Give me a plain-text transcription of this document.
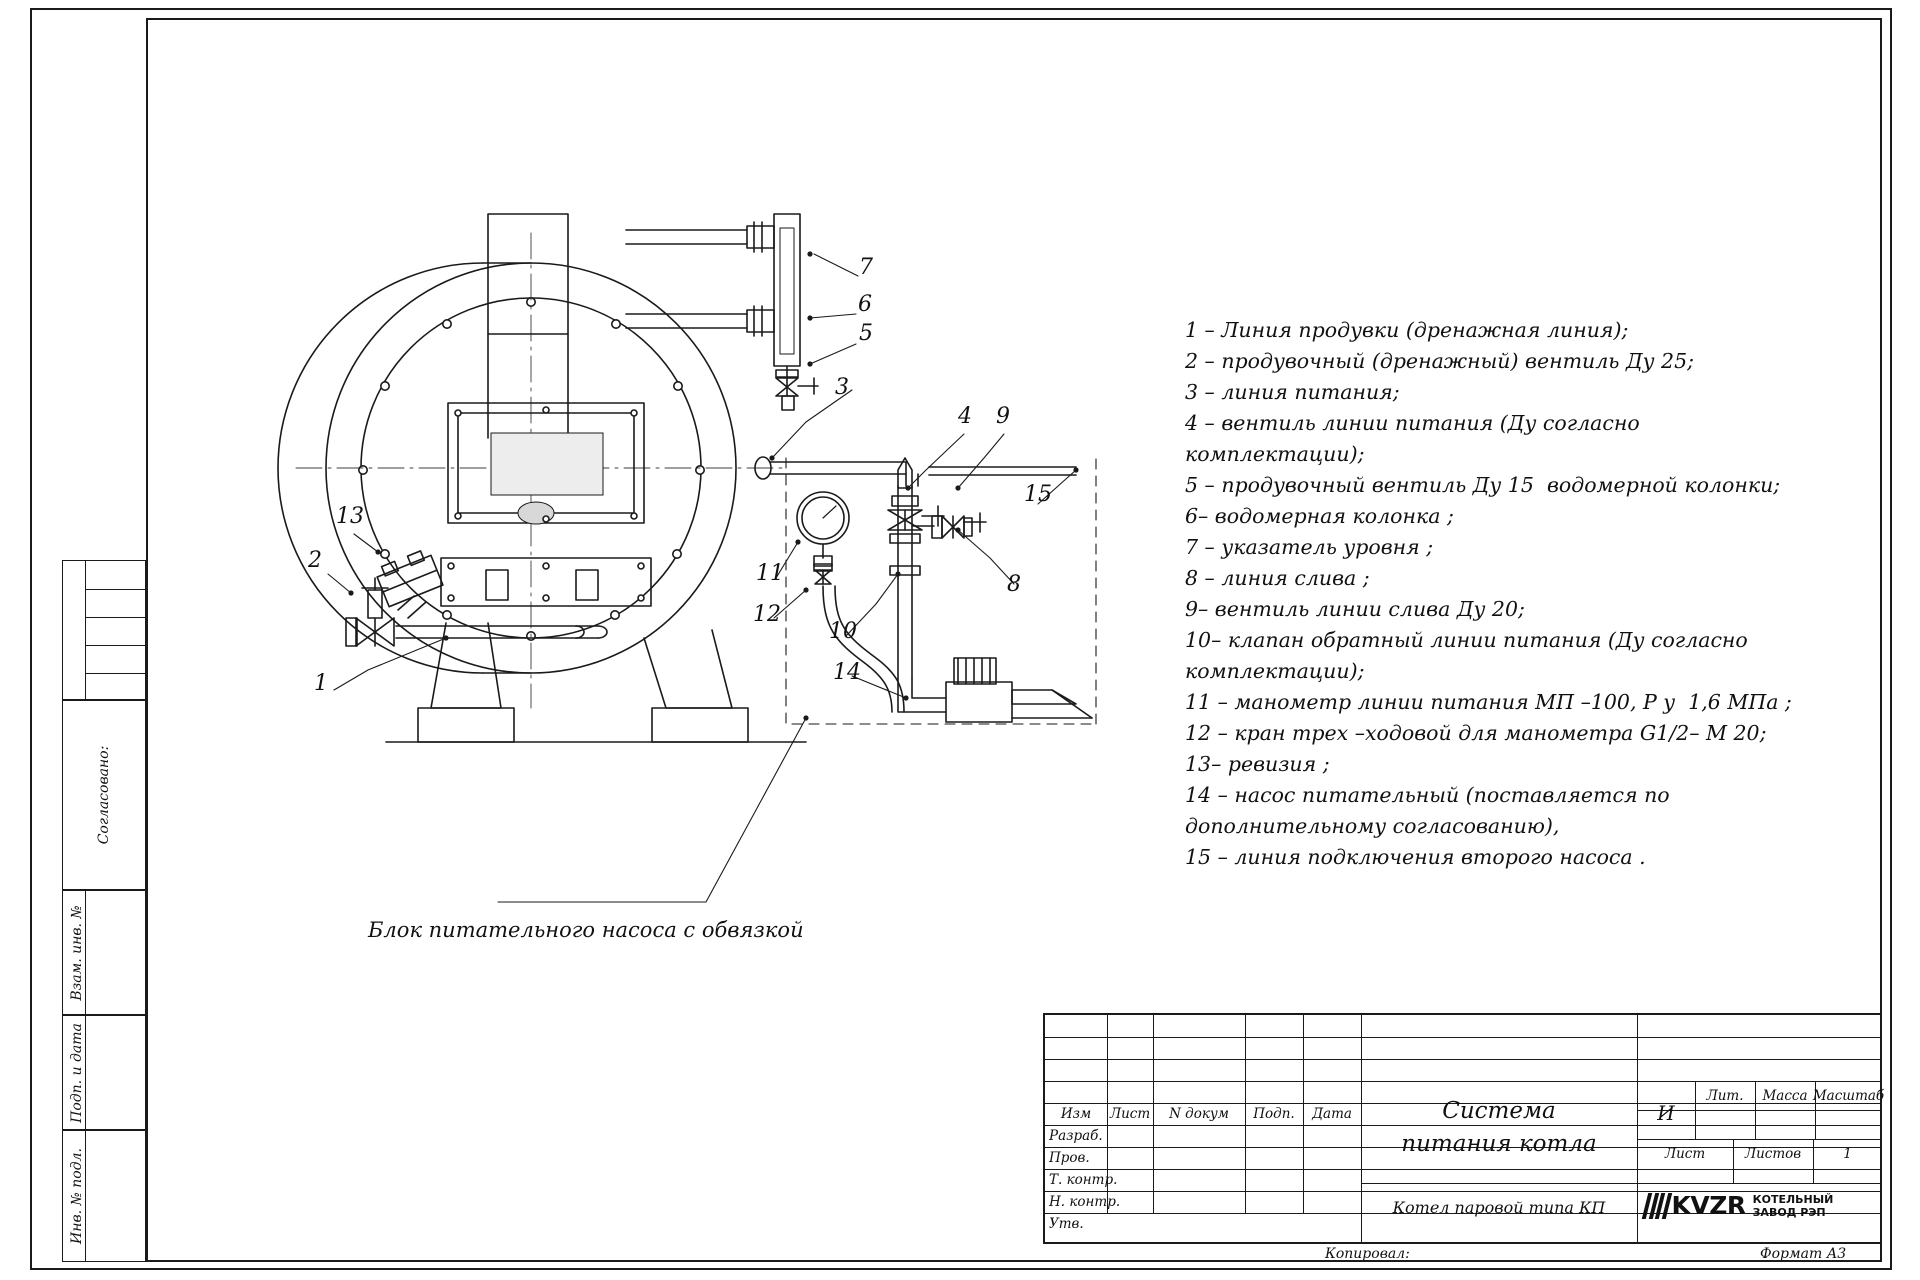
Согласовано:
Взам. инв. №
Подп. и дата
Инв. № подл.
1
2
3
4
5
6
7
8
9
10
11
12
13
14
15
Блок питательного насоса с обвязкой
1 – Линия продувки (дренажная линия);
2 – продувочный (дренажный) вентиль Ду 25;
3 – линия питания;
4 – вентиль линии питания (Ду согласно комплектации);
5 – продувочный вентиль Ду 15  водомерной колонки;
6– водомерная колонка ;
7 – указатель уровня ;
8 – линия слива ;
9– вентиль линии слива Ду 20;
10– клапан обратный линии питания (Ду согласно комплектации);
11 – манометр линии питания МП –100, Р у  1,6 МПа ;
12 – кран трех –ходовой для манометра G1/2– М 20;
13– ревизия ;
14 – насос питательный (поставляется по дополнительному согласованию),
15 – линия подключения второго насоса .
Изм	Лист	N докум	Подп.	Дата
Разраб.
Пров.
Т. контр.
Н. контр.
Утв.
Система
питания котла
Котел паровой типа КП
Лит.	Масса Масштаб
И
Лист	Листов	1
KVZR КОТЕЛЬНЫЙ
ЗАВОД РЭП
Копировал:	Формат А3
